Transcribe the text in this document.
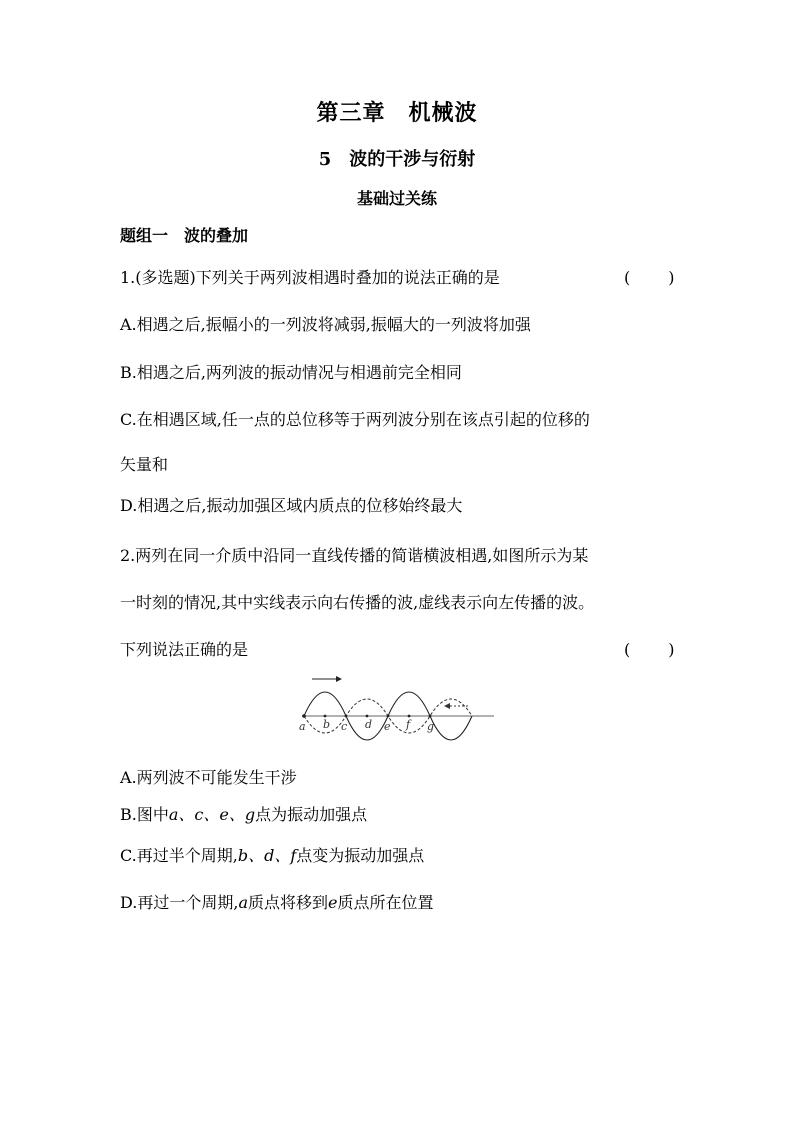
第三章　机械波
5　波的干涉与衍射
基础过关练
题组一　波的叠加
1.(多选题)下列关于两列波相遇时叠加的说法正确的是	(　　)
A.相遇之后,振幅小的一列波将减弱,振幅大的一列波将加强
B.相遇之后,两列波的振动情况与相遇前完全相同
C.在相遇区域,任一点的总位移等于两列波分别在该点引起的位移的
矢量和
D.相遇之后,振动加强区域内质点的位移始终最大
2.两列在同一介质中沿同一直线传播的简谐横波相遇,如图所示为某
一时刻的情况,其中实线表示向右传播的波,虚线表示向左传播的波。
下列说法正确的是	(　　)
a b c d e f g
A.两列波不可能发生干涉
B.图中a、c、e、g点为振动加强点
C.再过半个周期,b、d、f点变为振动加强点
D.再过一个周期,a质点将移到e质点所在位置
